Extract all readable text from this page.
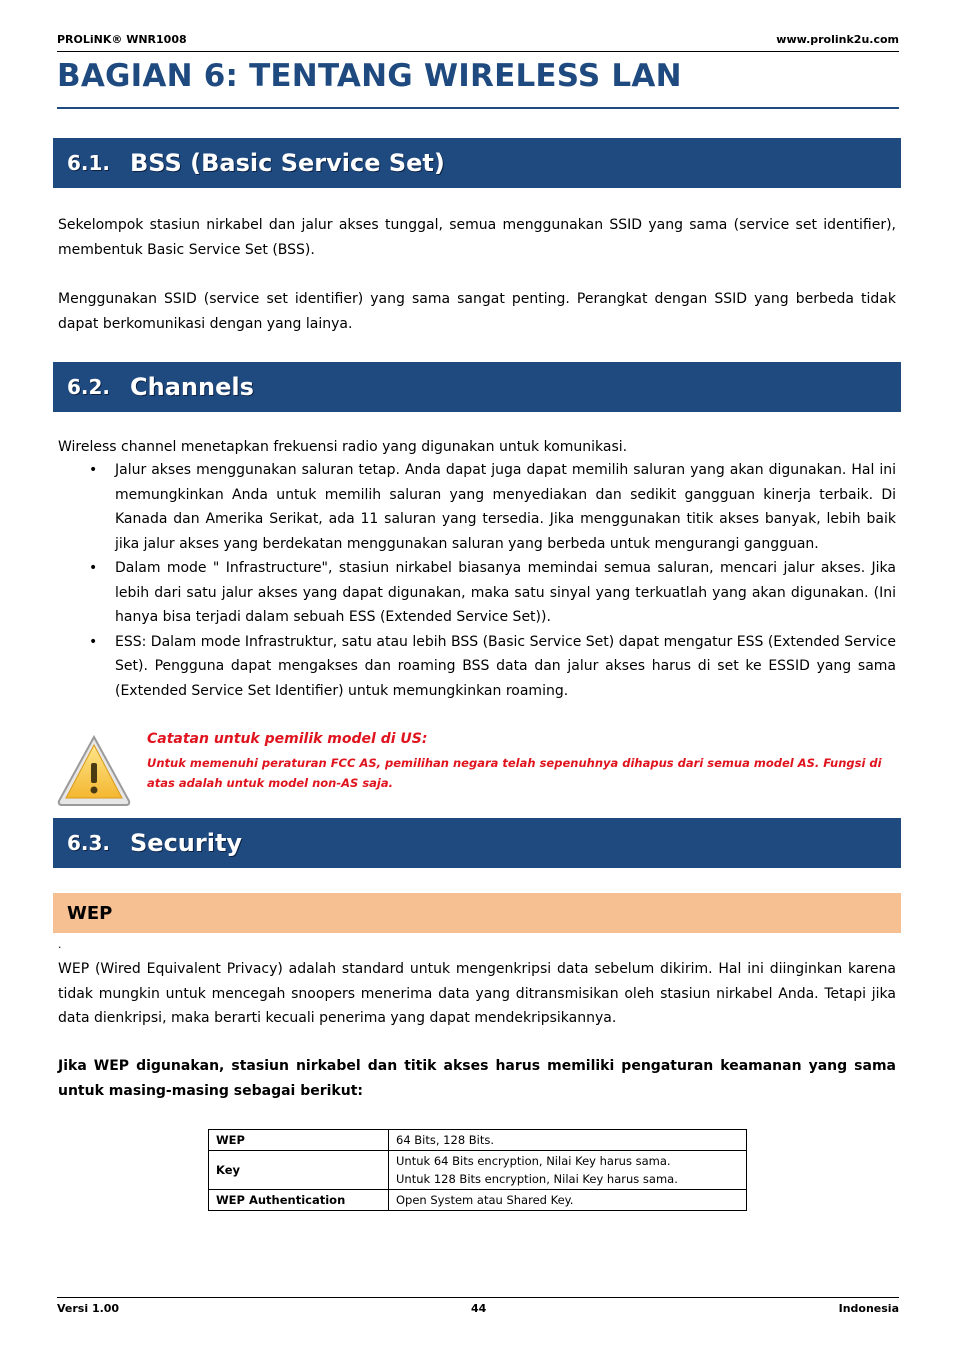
PROLiNK® WNR1008	www.prolink2u.com
BAGIAN 6: TENTANG WIRELESS LAN
6.1. BSS (Basic Service Set)

Sekelompok stasiun nirkabel dan jalur akses tunggal, semua menggunakan SSID yang sama (service set identifier), membentuk Basic Service Set (BSS).

Menggunakan SSID (service set identifier) yang sama sangat penting. Perangkat dengan SSID yang berbeda tidak dapat berkomunikasi dengan yang lainya.

6.2. Channels

Wireless channel menetapkan frekuensi radio yang digunakan untuk komunikasi.

• Jalur akses menggunakan saluran tetap. Anda dapat juga dapat memilih saluran yang akan digunakan. Hal ini memungkinkan Anda untuk memilih saluran yang menyediakan dan sedikit gangguan kinerja terbaik. Di Kanada dan Amerika Serikat, ada 11 saluran yang tersedia. Jika menggunakan titik akses banyak, lebih baik jika jalur akses yang berdekatan menggunakan saluran yang berbeda untuk mengurangi gangguan.
• Dalam mode " Infrastructure", stasiun nirkabel biasanya memindai semua saluran, mencari jalur akses. Jika lebih dari satu jalur akses yang dapat digunakan, maka satu sinyal yang terkuatlah yang akan digunakan. (Ini hanya bisa terjadi dalam sebuah ESS (Extended Service Set)).
• ESS: Dalam mode Infrastruktur, satu atau lebih BSS (Basic Service Set) dapat mengatur ESS (Extended Service Set). Pengguna dapat mengakses dan roaming BSS data dan jalur akses harus di set ke ESSID yang sama (Extended Service Set Identifier) untuk memungkinkan roaming.
Catatan untuk pemilik model di US:
Untuk memenuhi peraturan FCC AS, pemilihan negara telah sepenuhnya dihapus dari semua model AS. Fungsi di atas adalah untuk model non-AS saja.
6.3. Security
WEP
.

WEP (Wired Equivalent Privacy) adalah standard untuk mengenkripsi data sebelum dikirim. Hal ini diinginkan karena tidak mungkin untuk mencegah snoopers menerima data yang ditransmisikan oleh stasiun nirkabel Anda. Tetapi jika data dienkripsi, maka berarti kecuali penerima yang dapat mendekripsikannya.

Jika WEP digunakan, stasiun nirkabel dan titik akses harus memiliki pengaturan keamanan yang sama untuk masing-masing sebagai berikut:

WEP	64 Bits, 128 Bits.
Key	Untuk 64 Bits encryption, Nilai Key harus sama.
Untuk 128 Bits encryption, Nilai Key harus sama.

WEP Authentication	Open System atau Shared Key.
Versi 1.00	44	Indonesia
